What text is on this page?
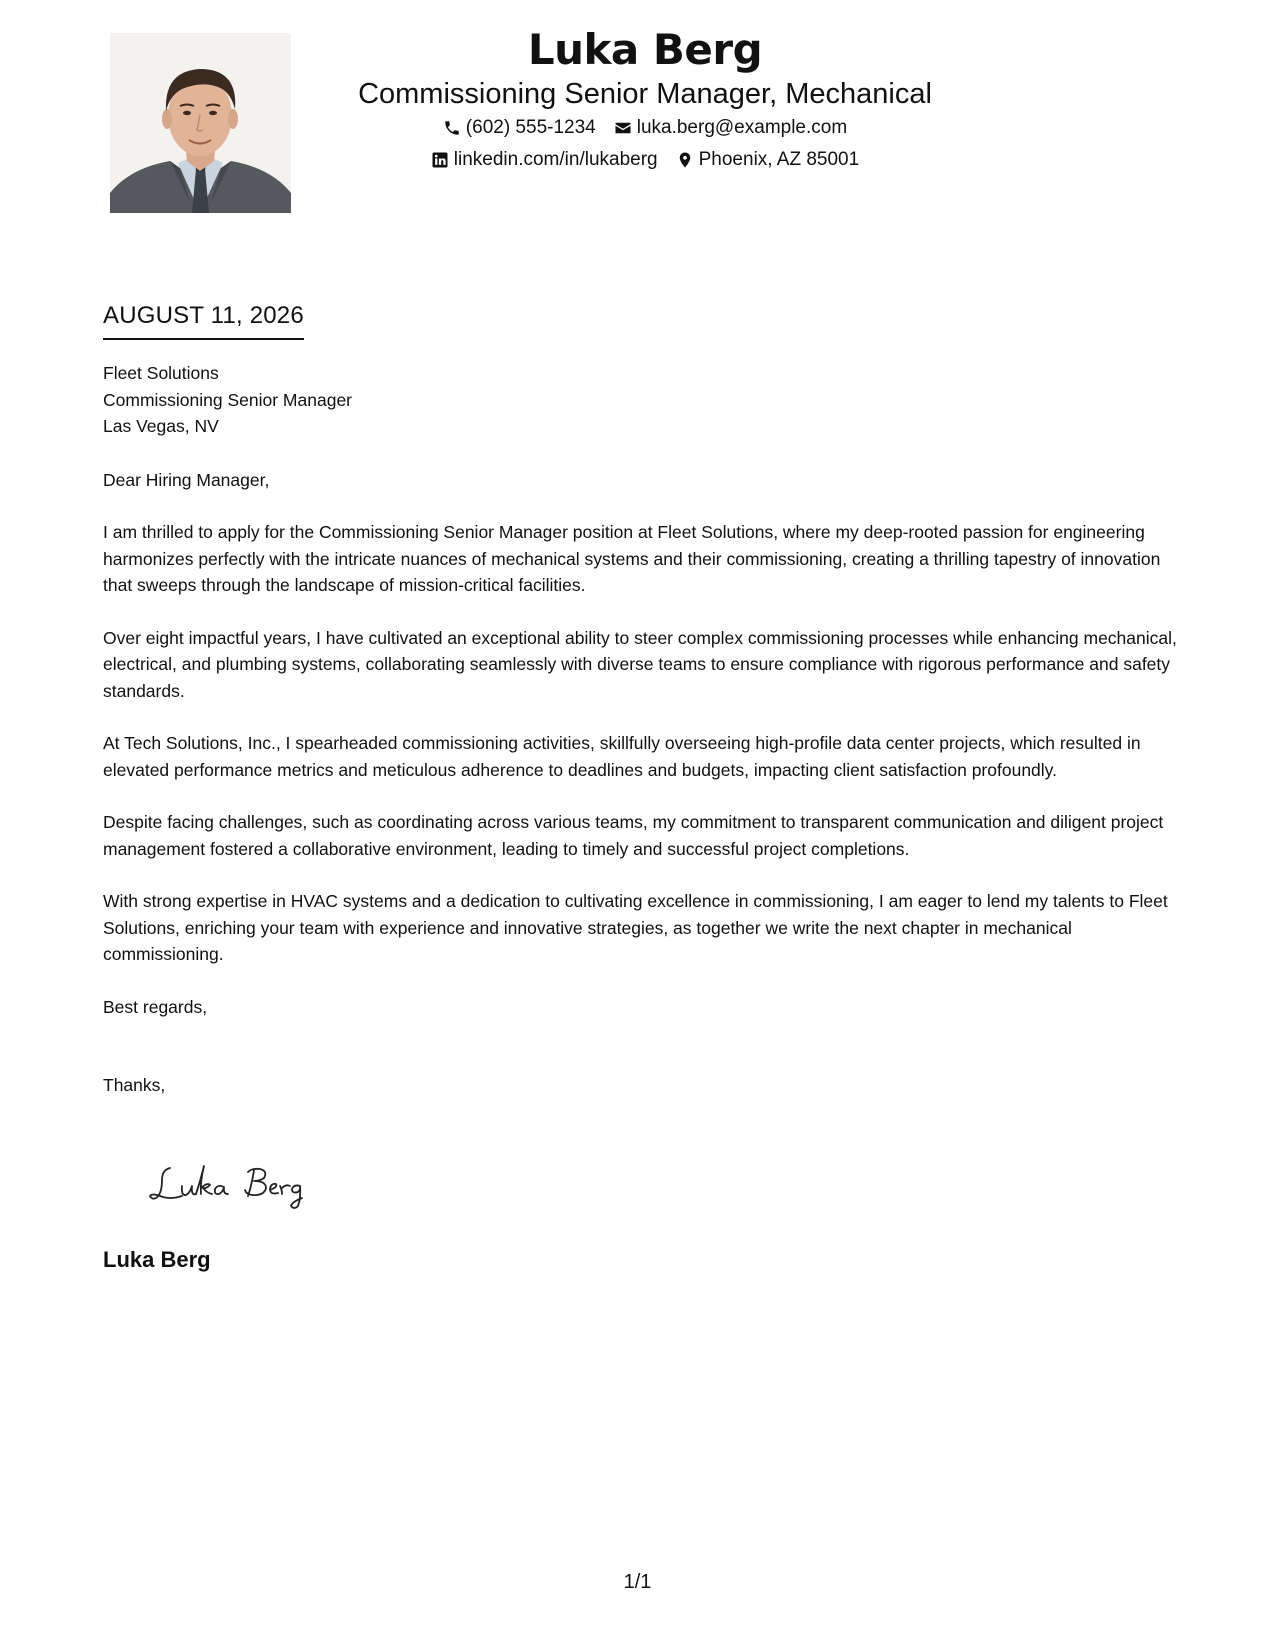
Luka Berg
Commissioning Senior Manager, Mechanical
(602) 555-1234 luka.berg@example.com
linkedin.com/in/lukaberg Phoenix, AZ 85001
AUGUST 11, 2026
Fleet Solutions
Commissioning Senior Manager
Las Vegas, NV
Dear Hiring Manager,

I am thrilled to apply for the Commissioning Senior Manager position at Fleet Solutions, where my deep-rooted passion for engineering harmonizes perfectly with the intricate nuances of mechanical systems and their commissioning, creating a thrilling tapestry of innovation that sweeps through the landscape of mission-critical facilities.

Over eight impactful years, I have cultivated an exceptional ability to steer complex commissioning processes while enhancing mechanical, electrical, and plumbing systems, collaborating seamlessly with diverse teams to ensure compliance with rigorous performance and safety standards.

At Tech Solutions, Inc., I spearheaded commissioning activities, skillfully overseeing high-profile data center projects, which resulted in elevated performance metrics and meticulous adherence to deadlines and budgets, impacting client satisfaction profoundly.

Despite facing challenges, such as coordinating across various teams, my commitment to transparent communication and diligent project management fostered a collaborative environment, leading to timely and successful project completions.

With strong expertise in HVAC systems and a dedication to cultivating excellence in commissioning, I am eager to lend my talents to Fleet Solutions, enriching your team with experience and innovative strategies, as together we write the next chapter in mechanical commissioning.

Best regards,
Thanks,
Luka Berg
1/1
